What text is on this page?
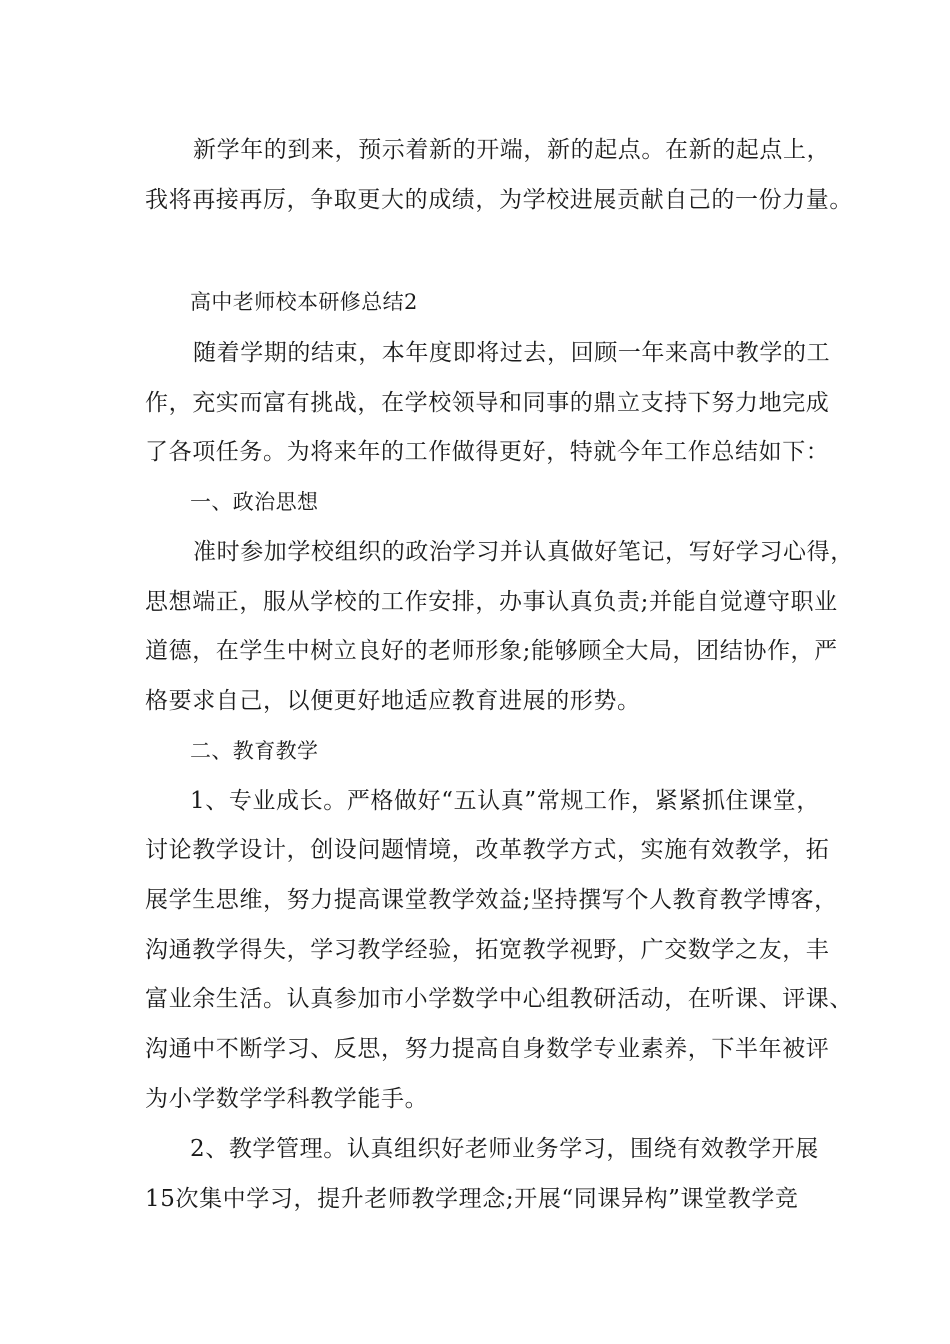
新学年的到来，预示着新的开端，新的起点。在新的起点上，
我将再接再厉，争取更大的成绩，为学校进展贡献自己的一份力量。
高中老师校本研修总结2
随着学期的结束，本年度即将过去，回顾一年来高中教学的工
作，充实而富有挑战，在学校领导和同事的鼎立支持下努力地完成
了各项任务。为将来年的工作做得更好，特就今年工作总结如下：
一、政治思想
准时参加学校组织的政治学习并认真做好笔记，写好学习心得，
思想端正，服从学校的工作安排，办事认真负责;并能自觉遵守职业
道德，在学生中树立良好的老师形象;能够顾全大局，团结协作，严
格要求自己，以便更好地适应教育进展的形势。
二、教育教学
1、专业成长。严格做好“五认真”常规工作，紧紧抓住课堂，
讨论教学设计，创设问题情境，改革教学方式，实施有效教学，拓
展学生思维，努力提高课堂教学效益;坚持撰写个人教育教学博客，
沟通教学得失，学习教学经验，拓宽教学视野，广交数学之友，丰
富业余生活。认真参加市小学数学中心组教研活动，在听课、评课、
沟通中不断学习、反思，努力提高自身数学专业素养，下半年被评
为小学数学学科教学能手。
2、教学管理。认真组织好老师业务学习，围绕有效教学开展
15次集中学习，提升老师教学理念;开展“同课异构”课堂教学竞
